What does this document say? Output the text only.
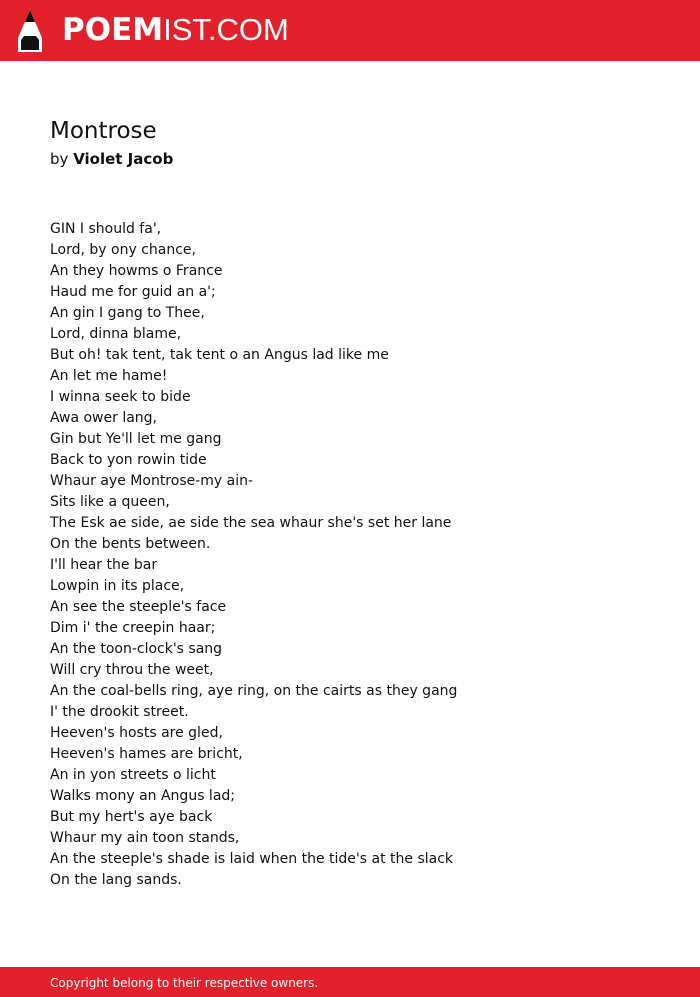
POEMIST.COM
Montrose
by Violet Jacob
GIN I should fa',
Lord, by ony chance,
An they howms o France
Haud me for guid an a';
An gin I gang to Thee,
Lord, dinna blame,
But oh! tak tent, tak tent o an Angus lad like me
An let me hame!
I winna seek to bide
Awa ower lang,
Gin but Ye'll let me gang
Back to yon rowin tide
Whaur aye Montrose-my ain-
Sits like a queen,
The Esk ae side, ae side the sea whaur she's set her lane
On the bents between.
I'll hear the bar
Lowpin in its place,
An see the steeple's face
Dim i' the creepin haar;
An the toon-clock's sang
Will cry throu the weet,
An the coal-bells ring, aye ring, on the cairts as they gang
I' the drookit street.
Heeven's hosts are gled,
Heeven's hames are bricht,
An in yon streets o licht
Walks mony an Angus lad;
But my hert's aye back
Whaur my ain toon stands,
An the steeple's shade is laid when the tide's at the slack
On the lang sands.
Copyright belong to their respective owners.
